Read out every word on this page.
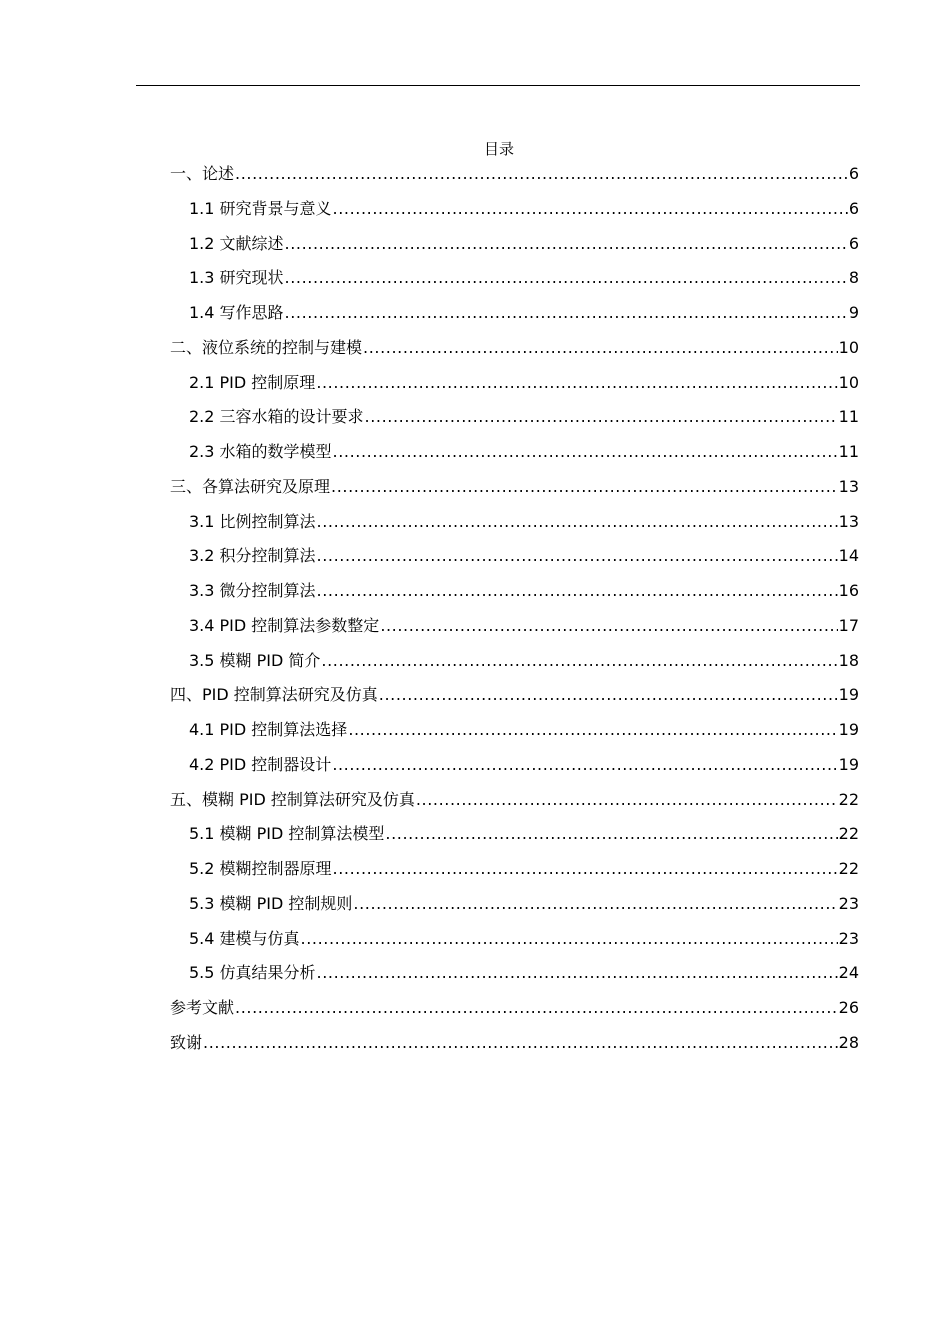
目录
一、论述 .....	6
1.1 研究背景与意义 .....	6
1.2 文献综述 .....	6
1.3 研究现状 .....	8
1.4 写作思路 .....	9
二、液位系统的控制与建模 .....	10
2.1 PID 控制原理 .....	10
2.2 三容水箱的设计要求 .....	11
2.3 水箱的数学模型 .....	11
三、各算法研究及原理 .....	13
3.1 比例控制算法 .....	13
3.2 积分控制算法 .....	14
3.3 微分控制算法 .....	16
3.4 PID 控制算法参数整定 .....	17
3.5 模糊 PID 简介 .....	18
四、PID 控制算法研究及仿真 .....	19
4.1 PID 控制算法选择 .....	19
4.2 PID 控制器设计 .....	19
五、模糊 PID 控制算法研究及仿真 .....	22
5.1 模糊 PID 控制算法模型 .....	22
5.2 模糊控制器原理 .....	22
5.3 模糊 PID 控制规则 .....	23
5.4 建模与仿真 .....	23
5.5 仿真结果分析 .....	24
参考文献 .....	26
致谢 .....	28
